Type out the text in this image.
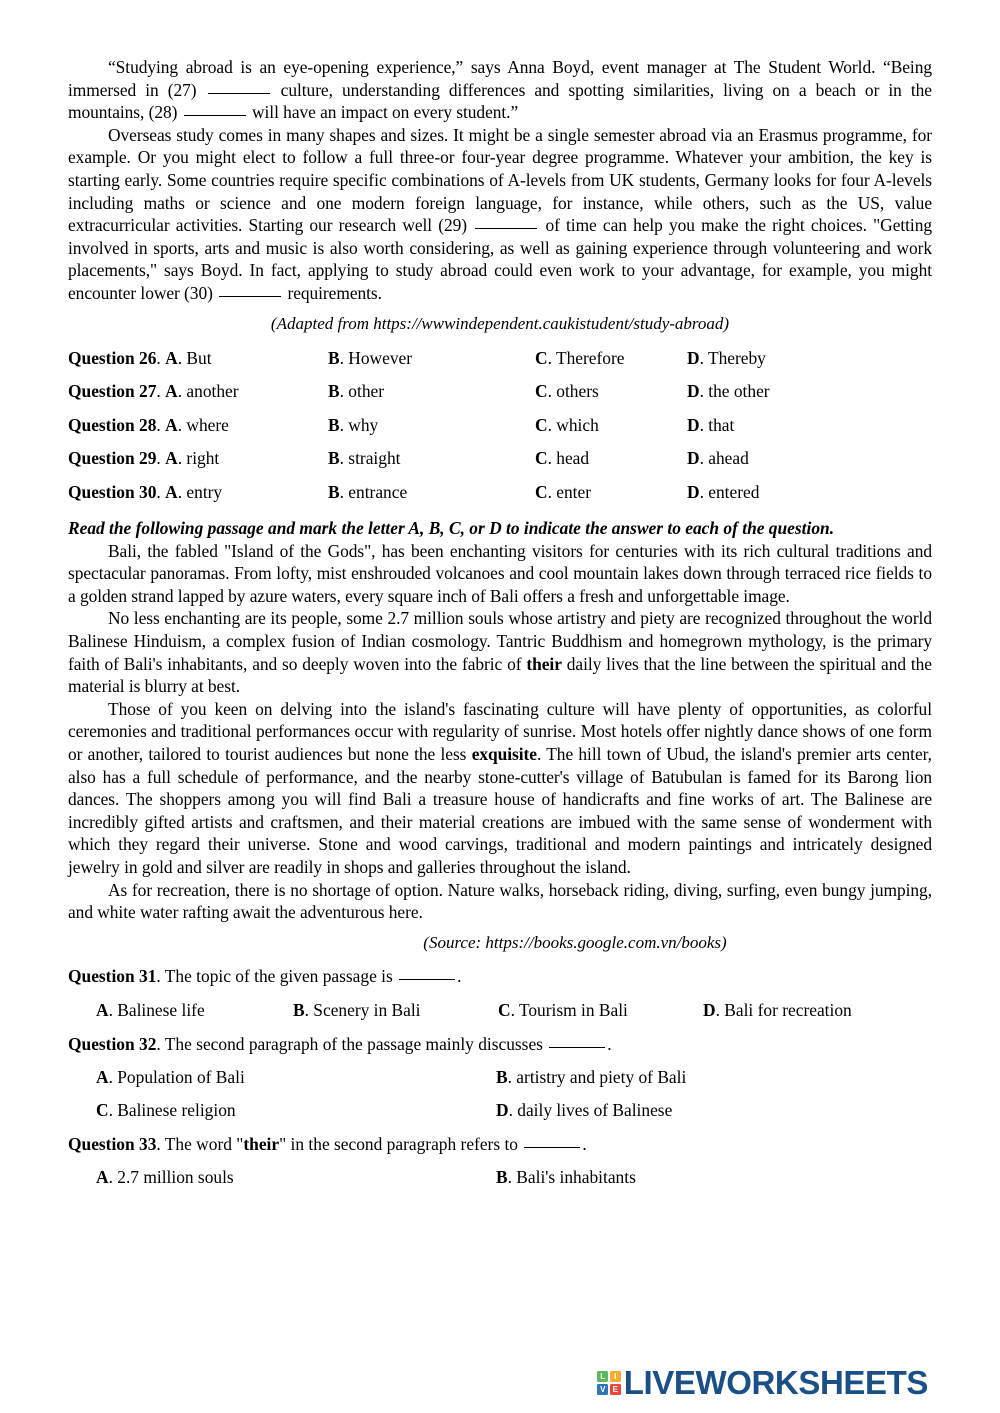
“Studying abroad is an eye-opening experience,” says Anna Boyd, event manager at The Student World. “Being immersed in (27)	culture, understanding differences and spotting similarities, living on a beach or in the mountains, (28)	will have an impact on every student.”

Overseas study comes in many shapes and sizes. It might be a single semester abroad via an Erasmus programme, for example. Or you might elect to follow a full three-or four-year degree programme. Whatever your ambition, the key is starting early. Some countries require specific combinations of A-levels from UK students, Germany looks for four A-levels including maths or science and one modern foreign language, for instance, while others, such as the US, value extracurricular activities. Starting our research well (29)	of time can help you make the right choices. "Getting involved in sports, arts and music is also worth considering, as well as gaining experience through volunteering and work placements," says Boyd. In fact, applying to study abroad could even work to your advantage, for example, you might encounter lower (30)	requirements.

(Adapted from https://wwwindependent.caukistudent/study-abroad)

Question 26. A. But	B. However	C. Therefore	D. Thereby
Question 27. A. another	B. other	C. others	D. the other
Question 28. A. where	B. why	C. which	D. that
Question 29. A. right	B. straight	C. head	D. ahead
Question 30. A. entry	B. entrance	C. enter	D. entered

Read the following passage and mark the letter A, B, C, or D to indicate the answer to each of the question.

Bali, the fabled "Island of the Gods", has been enchanting visitors for centuries with its rich cultural traditions and spectacular panoramas. From lofty, mist enshrouded volcanoes and cool mountain lakes down through terraced rice fields to a golden strand lapped by azure waters, every square inch of Bali offers a fresh and unforgettable image.

No less enchanting are its people, some 2.7 million souls whose artistry and piety are recognized throughout the world Balinese Hinduism, a complex fusion of Indian cosmology. Tantric Buddhism and homegrown mythology, is the primary faith of Bali's inhabitants, and so deeply woven into the fabric of their daily lives that the line between the spiritual and the material is blurry at best.

Those of you keen on delving into the island's fascinating culture will have plenty of opportunities, as colorful ceremonies and traditional performances occur with regularity of sunrise. Most hotels offer nightly dance shows of one form or another, tailored to tourist audiences but none the less exquisite. The hill town of Ubud, the island's premier arts center, also has a full schedule of performance, and the nearby stone-cutter's village of Batubulan is famed for its Barong lion dances. The shoppers among you will find Bali a treasure house of handicrafts and fine works of art. The Balinese are incredibly gifted artists and craftsmen, and their material creations are imbued with the same sense of wonderment with which they regard their universe. Stone and wood carvings, traditional and modern paintings and intricately designed jewelry in gold and silver are readily in shops and galleries throughout the island.

As for recreation, there is no shortage of option. Nature walks, horseback riding, diving, surfing, even bungy jumping, and white water rafting await the adventurous here.

(Source: https://books.google.com.vn/books)

Question 31. The topic of the given passage is	.
A. Balinese life	B. Scenery in Bali	C. Tourism in Bali	D. Bali for recreation
Question 32. The second paragraph of the passage mainly discusses	.
A. Population of Bali	B. artistry and piety of Bali
C. Balinese religion	D. daily lives of Balinese
Question 33. The word "their" in the second paragraph refers to	.
A. 2.7 million souls	B. Bali's inhabitants
L	I
V E LIVEWORKSHEETS
